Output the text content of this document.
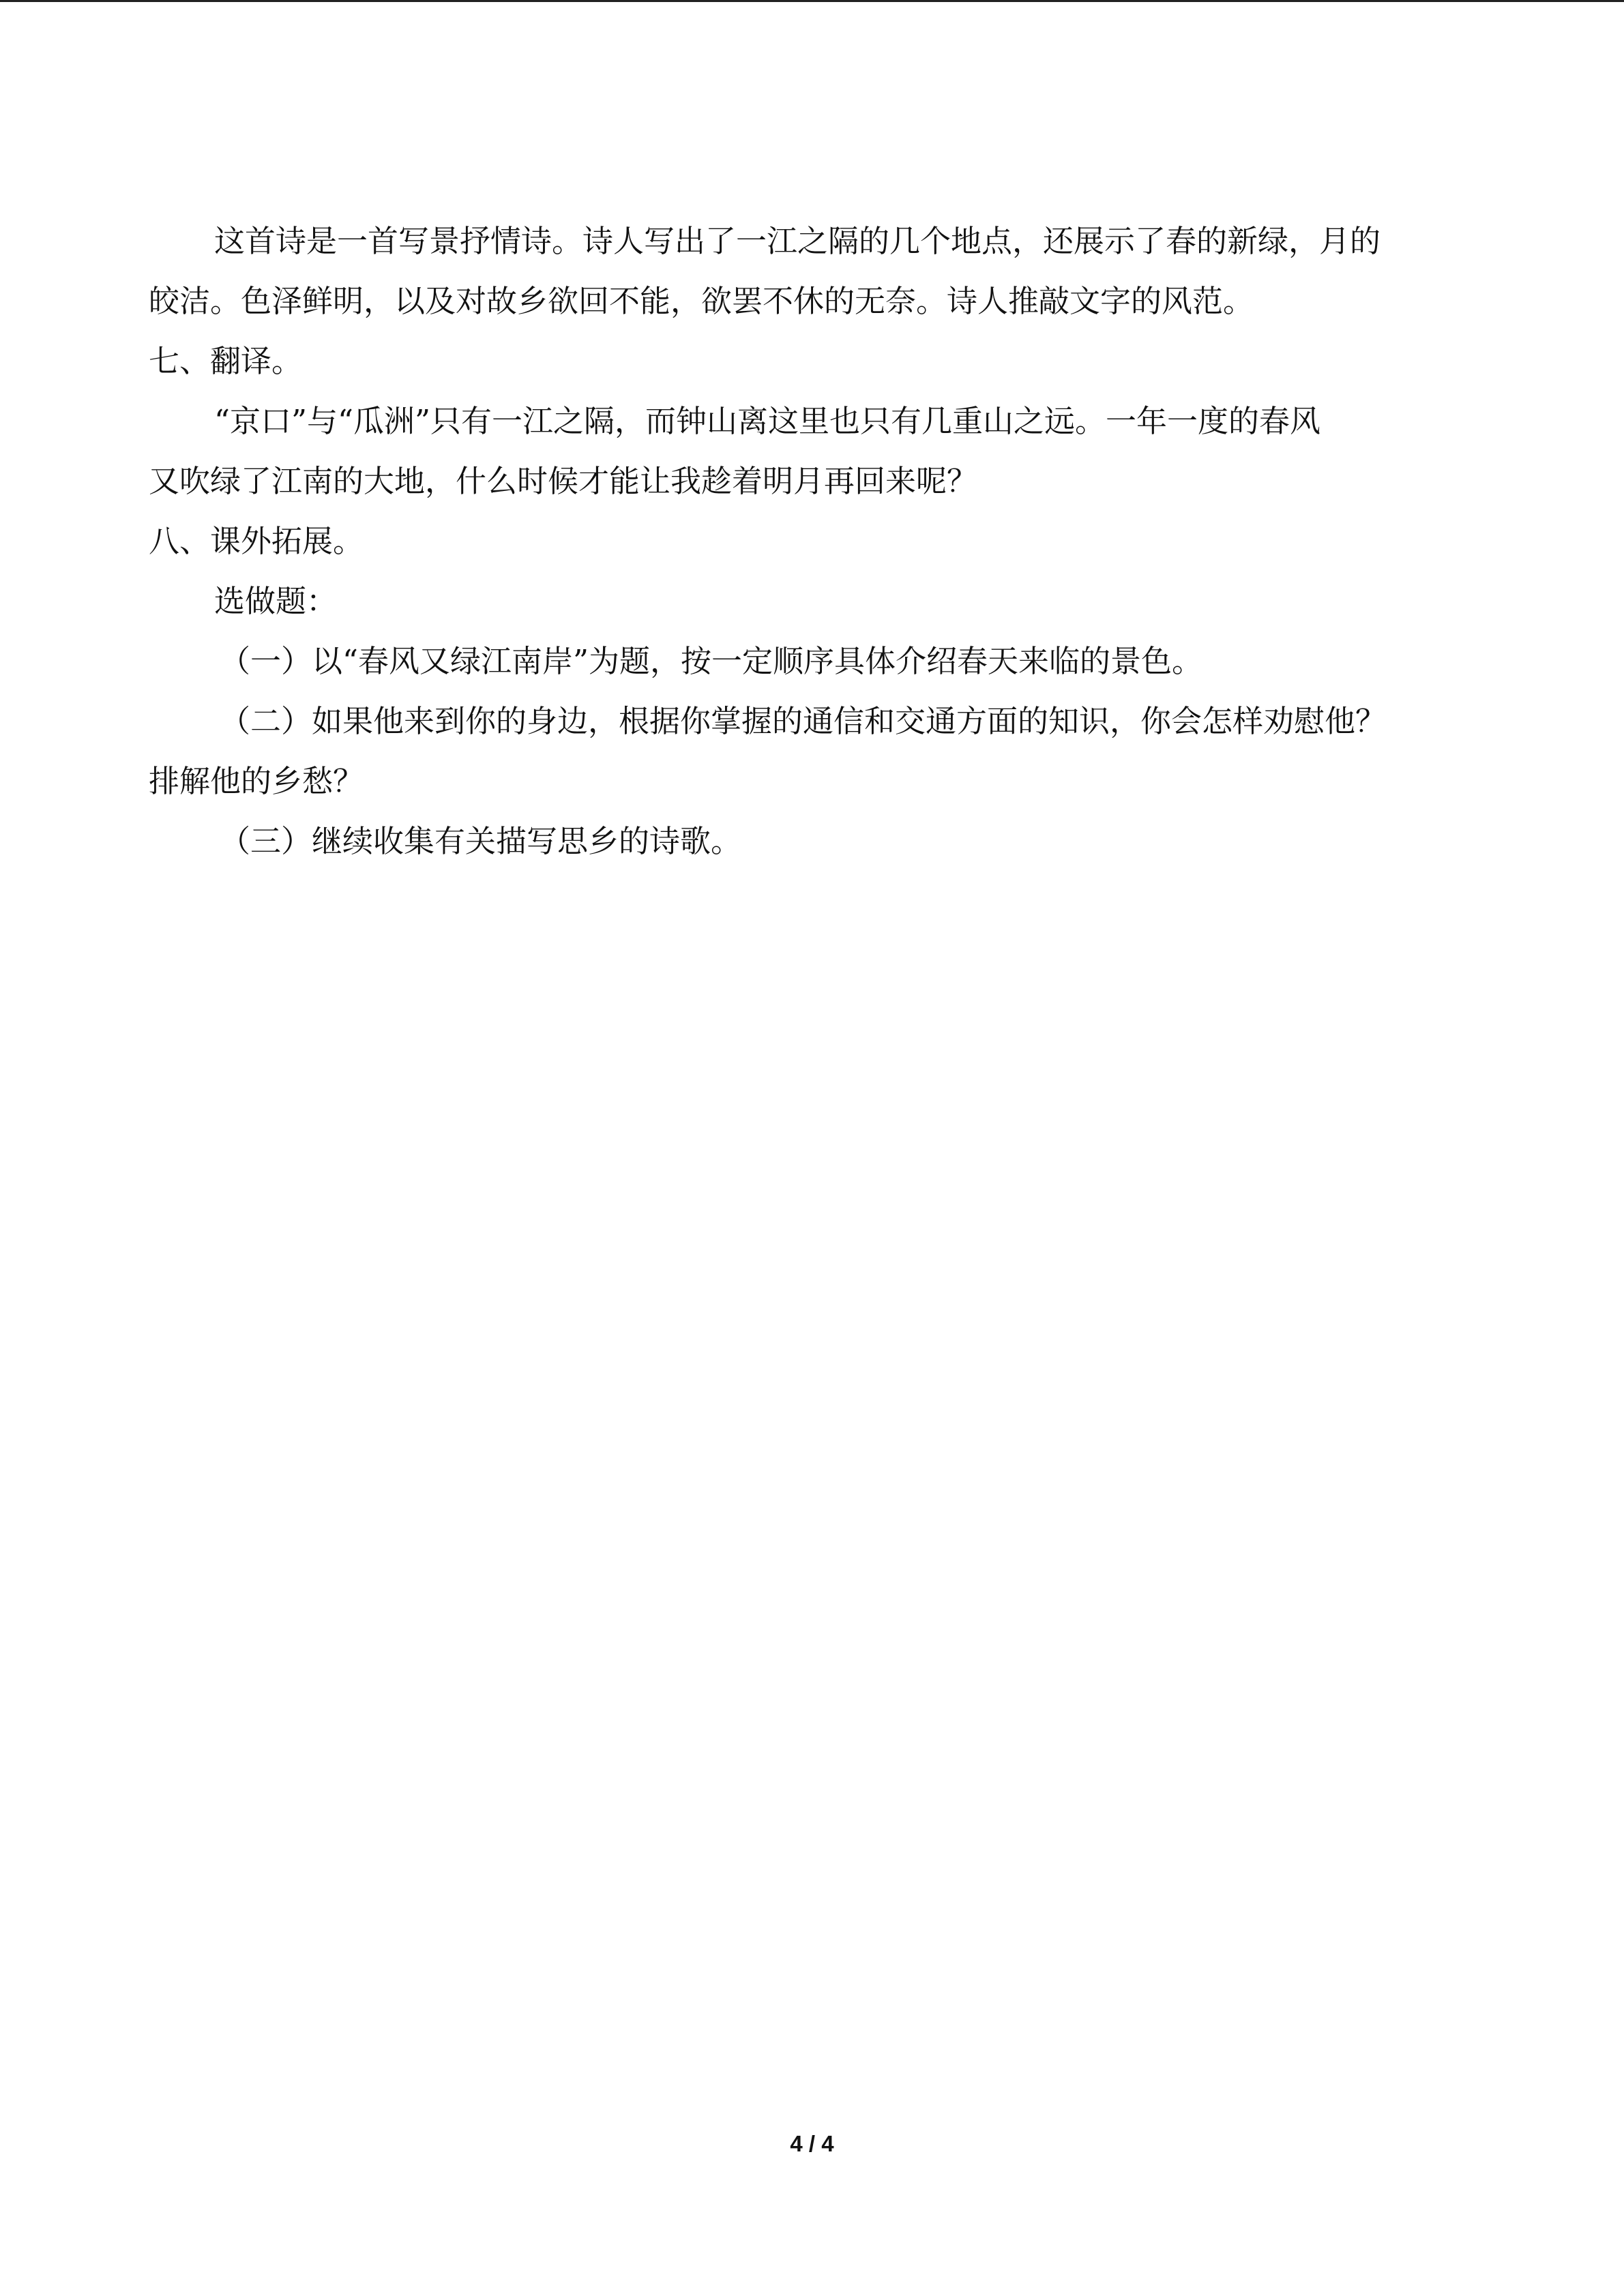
这首诗是一首写景抒情诗。诗人写出了一江之隔的几个地点，还展示了春的新绿，月的

皎洁。色泽鲜明，以及对故乡欲回不能，欲罢不休的无奈。诗人推敲文字的风范。

七、翻译。

“京口”与“瓜洲”只有一江之隔，而钟山离这里也只有几重山之远。一年一度的春风

又吹绿了江南的大地，什么时候才能让我趁着明月再回来呢？

八、课外拓展。

选做题：

（一）以“春风又绿江南岸”为题，按一定顺序具体介绍春天来临的景色。

（二）如果他来到你的身边，根据你掌握的通信和交通方面的知识，你会怎样劝慰他？

排解他的乡愁？

（三）继续收集有关描写思乡的诗歌。

4 / 4
